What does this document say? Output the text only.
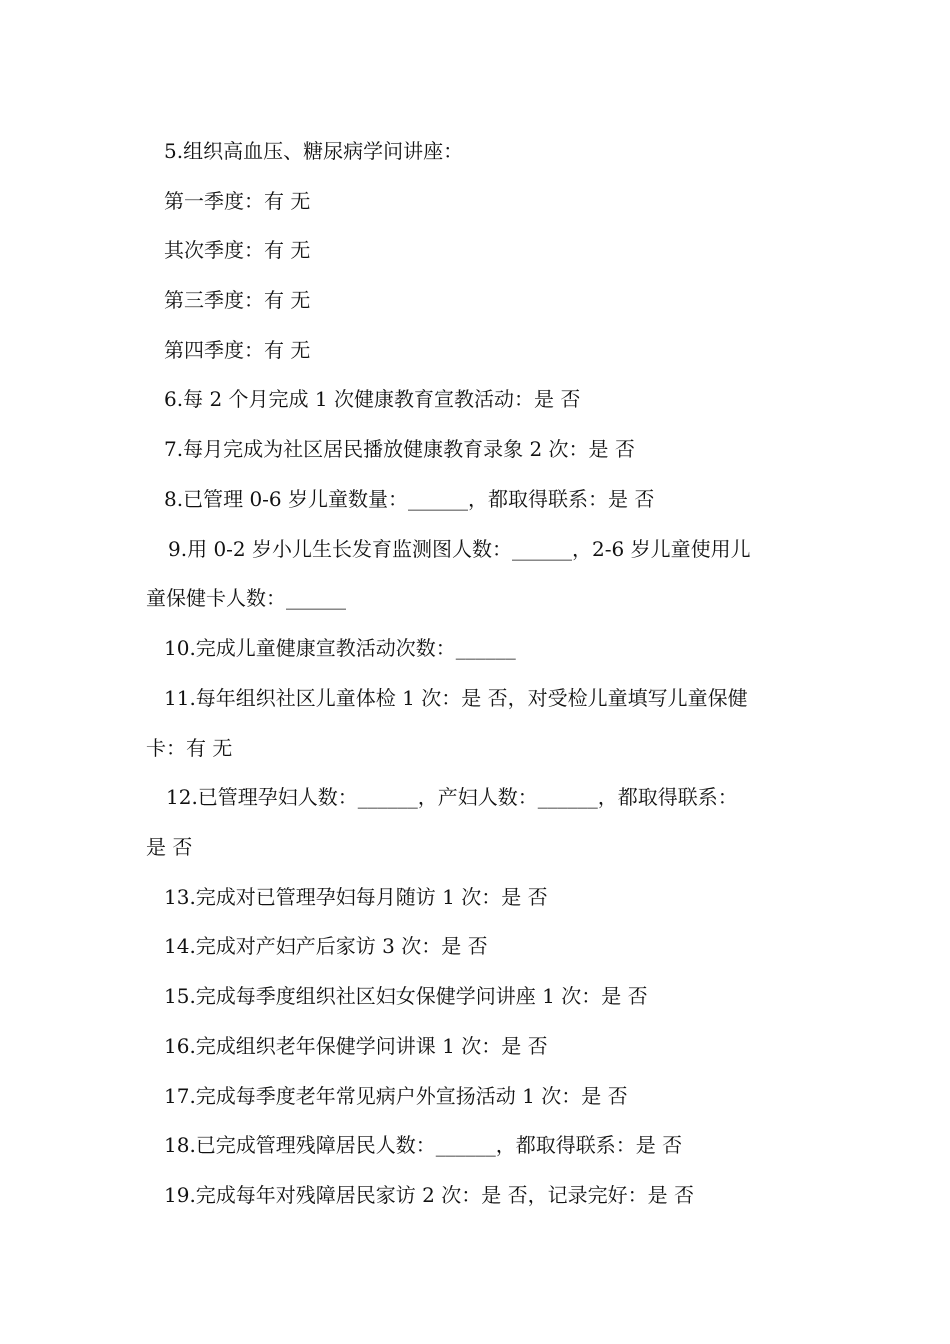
5.组织高血压、糖尿病学问讲座：
第一季度：有 无
其次季度：有 无
第三季度：有 无
第四季度：有 无
6.每 2 个月完成 1 次健康教育宣教活动：是 否
7.每月完成为社区居民播放健康教育录象 2 次：是 否
8.已管理 0-6 岁儿童数量：______，都取得联系：是 否
9.用 0-2 岁小儿生长发育监测图人数：______，2-6 岁儿童使用儿
童保健卡人数：______
10.完成儿童健康宣教活动次数：______
11.每年组织社区儿童体检 1 次：是 否，对受检儿童填写儿童保健
卡：有 无
12.已管理孕妇人数：______，产妇人数：______，都取得联系：
是 否
13.完成对已管理孕妇每月随访 1 次：是 否
14.完成对产妇产后家访 3 次：是 否
15.完成每季度组织社区妇女保健学问讲座 1 次：是 否
16.完成组织老年保健学问讲课 1 次：是 否
17.完成每季度老年常见病户外宣扬活动 1 次：是 否
18.已完成管理残障居民人数：______，都取得联系：是 否
19.完成每年对残障居民家访 2 次：是 否，记录完好：是 否
